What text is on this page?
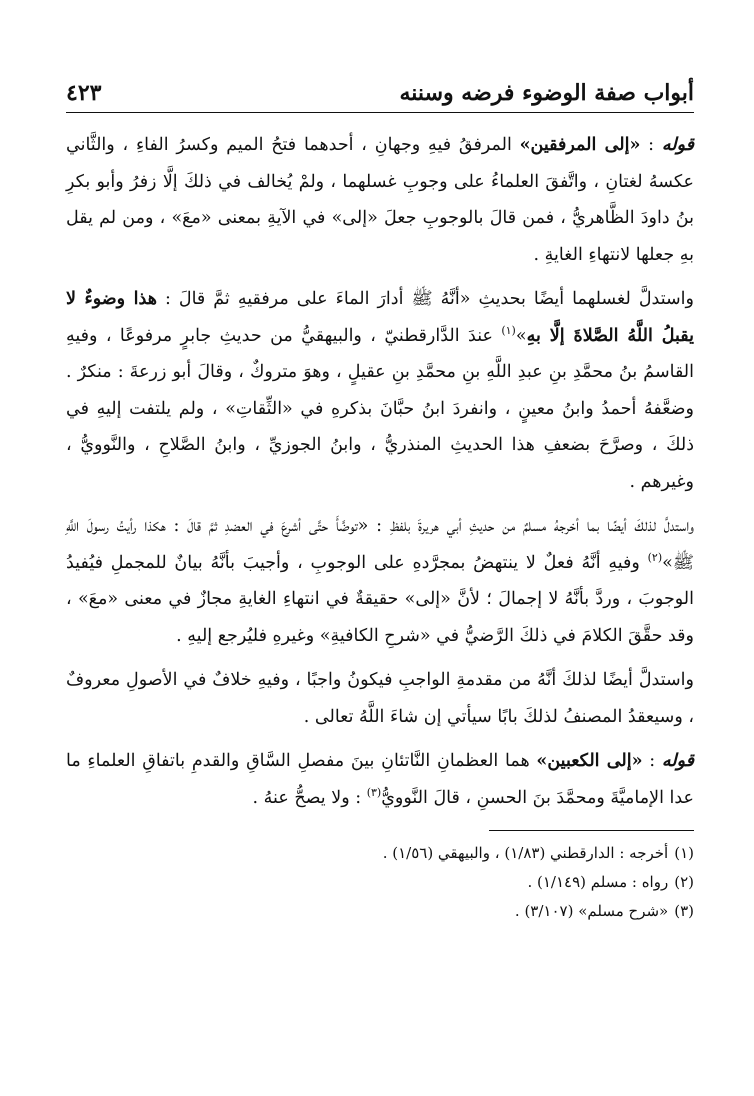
أبواب صفة الوضوء فرضه وسننه
٤٢٣

قوله : «إلى المرفقين» المرفقُ فيهِ وجهانِ ، أحدهما فتحُ الميم وكسرُ الفاءِ ، والثَّاني عكسهُ لغتانِ ، واتَّفقَ العلماءُ على وجوبِ غسلهما ، ولمْ يُخالف في ذلكَ إلَّا زفرُ وأبو بكرِ بنُ داودَ الظَّاهريُّ ، فمن قالَ بالوجوبِ جعلَ «إلى» في الآيةِ بمعنى «معَ» ، ومن لم يقل بهِ جعلها لانتهاءِ الغايةِ .

واستدلَّ لغسلهما أيضًا بحديثِ «أنَّهُ ﷺ أدارَ الماءَ على مرفقيهِ ثمَّ قالَ : هذا وضوءٌ لا يقبلُ اللَّهُ الصَّلاةَ إلَّا بهِ»$^{(١)}$ عندَ الدَّارقطنيّ ، والبيهقيُّ من حديثِ جابرٍ مرفوعًا ، وفيهِ القاسمُ بنُ محمَّدِ بنِ عبدِ اللَّهِ بنِ محمَّدِ بنِ عقيلٍ ، وهوَ متروكٌ ، وقالَ أبو زرعةَ : منكرٌ . وضعَّفهُ أحمدُ وابنُ معينٍ ، وانفردَ ابنُ حبَّانَ بذكرهِ في «الثِّقاتِ» ، ولم يلتفت إليهِ في ذلكَ ، وصرَّحَ بضعفِ هذا الحديثِ المنذريُّ ، وابنُ الجوزيِّ ، وابنُ الصَّلاحِ ، والنَّوويُّ ، وغيرهم .

واستدلَّ لذلكَ أيضًا بما أخرجهُ مسلمٌ من حديثِ أبي هريرةَ بلفظِ : «توضَّأَ حتَّى أشرعَ في العضدِ ثمَّ قالَ : هكذا رأيتُ رسولَ اللَّهِ ﷺ»$^{(٢)}$ وفيهِ أنَّهُ فعلٌ لا ينتهضُ بمجرَّدهِ على الوجوبِ ، وأجيبَ بأنَّهُ بيانٌ للمجملِ فيُفيدُ الوجوبَ ، وردَّ بأنَّهُ لا إجمالَ ؛ لأنَّ «إلى» حقيقةٌ في انتهاءِ الغايةِ مجازٌ في معنى «معَ» ، وقد حقَّقَ الكلامَ في ذلكَ الرَّضيُّ في «شرحِ الكافيةِ» وغيرهِ فليُرجع إليهِ .

واستدلَّ أيضًا لذلكَ أنَّهُ من مقدمةِ الواجبِ فيكونُ واجبًا ، وفيهِ خلافٌ في الأصولِ معروفٌ ، وسيعقدُ المصنفُ لذلكَ بابًا سيأتي إن شاءَ اللَّهُ تعالى .

قوله : «إلى الكعبين» هما العظمانِ النَّاتئانِ بينَ مفصلِ السَّاقِ والقدمِ باتفاقِ العلماءِ ما عدا الإماميَّةَ ومحمَّدَ بنَ الحسنِ ، قالَ النَّوويُّ$^{(٣)}$ : ولا يصحُّ عنهُ .

(١)أخرجه : الدارقطني (١/٨٣) ، والبيهقي (١/٥٦) .
(٢)رواه : مسلم (١/١٤٩) .
(٣)«شرح مسلم» (٣/١٠٧) .
